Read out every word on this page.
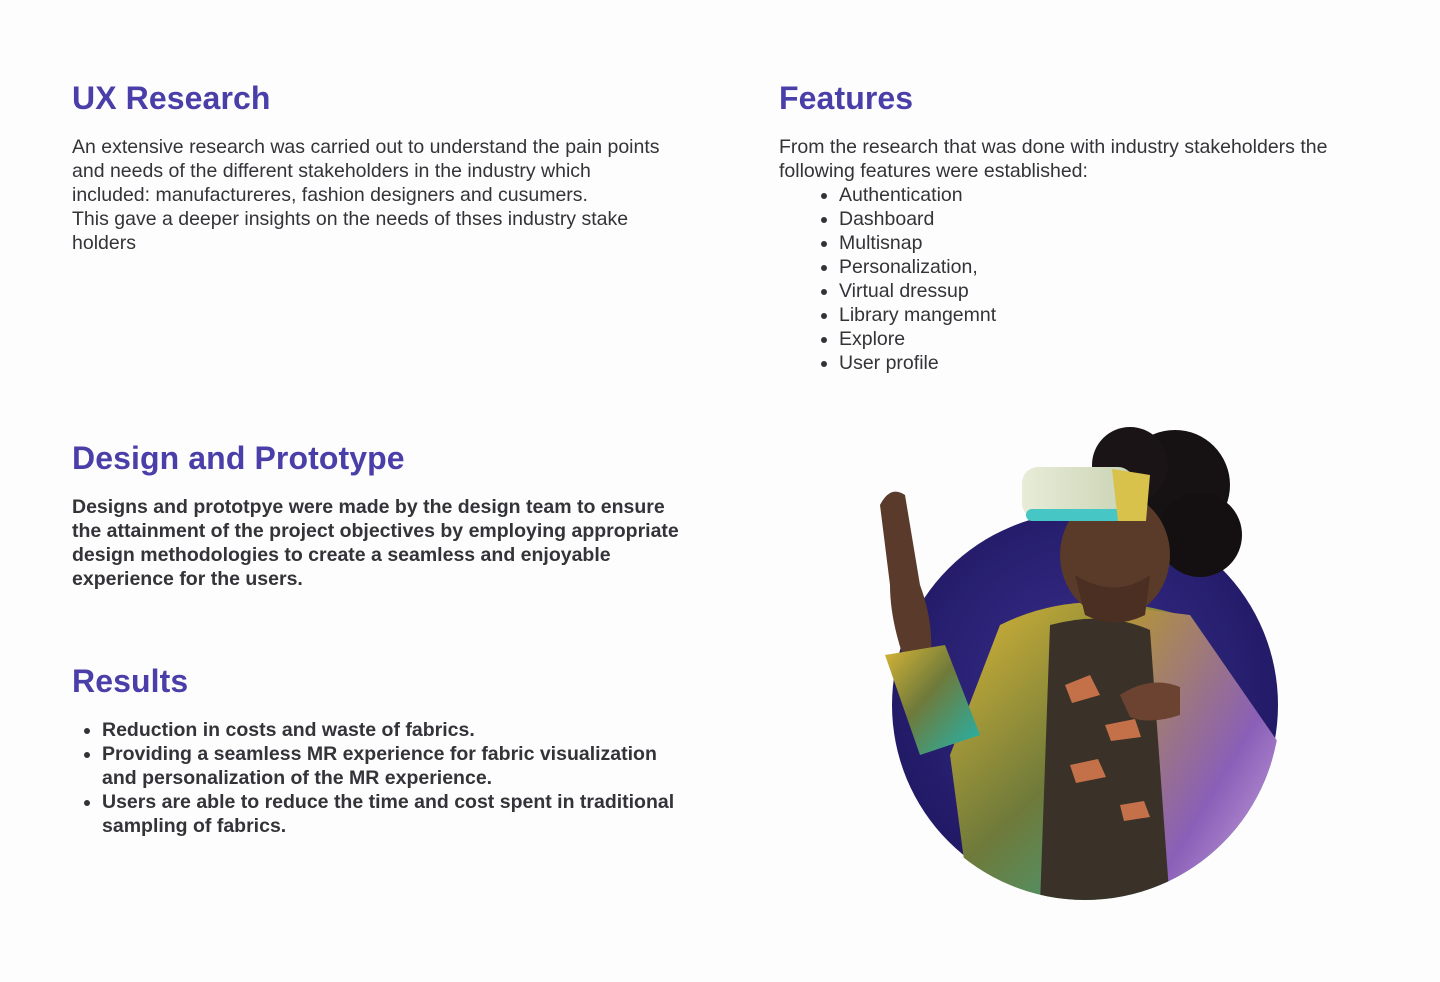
UX Research
An extensive research was carried out to understand the pain points and needs of the different stakeholders in the industry which included: manufactureres, fashion designers and cusumers.
This gave a deeper insights on the needs of thses industry stake holders
Features
From the research that was done with industry stakeholders the following features were established:
• Authentication
• Dashboard
• Multisnap
• Personalization,
• Virtual dressup
• Library mangemnt
• Explore
• User profile
Design and Prototype
Designs and prototpye were made by the design team to ensure the attainment of the project objectives by employing appropriate design methodologies to create a seamless and enjoyable experience for the users.
Results
• Reduction in costs and waste of fabrics.
• Providing a seamless MR experience for fabric visualization and personalization of the MR experience.
• Users are able to reduce the time and cost spent in traditional sampling of fabrics.
